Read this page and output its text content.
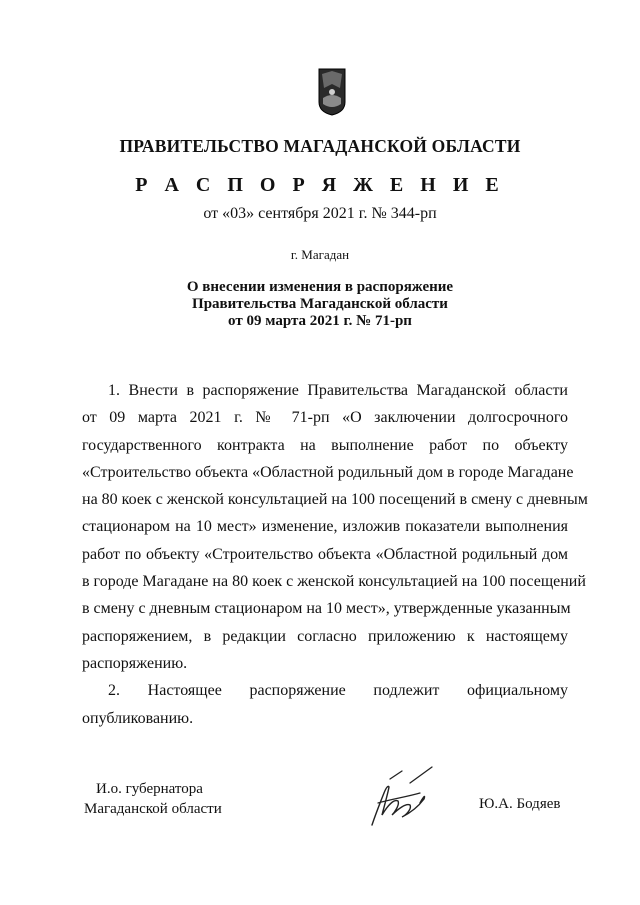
ПРАВИТЕЛЬСТВО МАГАДАНСКОЙ ОБЛАСТИ
Р А С П О Р Я Ж Е Н И Е
от «03» сентября 2021 г. № 344-рп
г. Магадан
О внесении изменения в распоряжение
Правительства Магаданской области
от 09 марта 2021 г. № 71-рп
1. Внести в распоряжение Правительства Магаданской области
от 09 марта 2021 г. № 71-рп «О заключении долгосрочного
государственного контракта на выполнение работ по объекту
«Строительство объекта «Областной родильный дом в городе Магадане
на 80 коек с женской консультацией на 100 посещений в смену с дневным
стационаром на 10 мест» изменение, изложив показатели выполнения
работ по объекту «Строительство объекта «Областной родильный дом
в городе Магадане на 80 коек с женской консультацией на 100 посещений
в смену с дневным стационаром на 10 мест», утвержденные указанным
распоряжением, в редакции согласно приложению к настоящему
распоряжению.
2. Настоящее распоряжение подлежит официальному
опубликованию.
И.о. губернатора
Магаданской области	Ю.А. Бодяев
